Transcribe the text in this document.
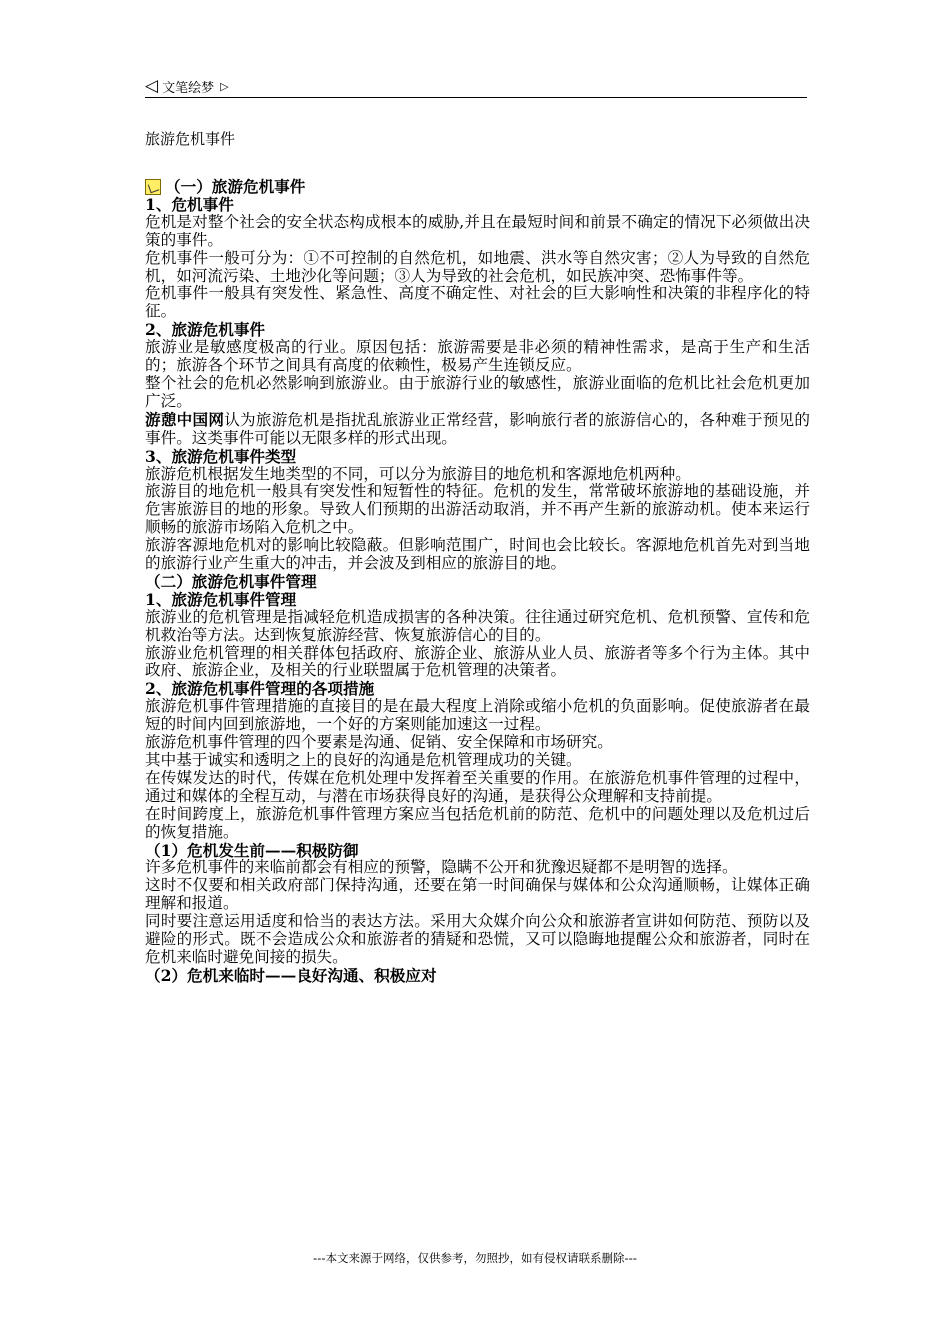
◁ 文笔绘梦 ▷
旅游危机事件

（一）旅游危机事件

1、危机事件

危机是对整个社会的安全状态构成根本的威胁,并且在最短时间和前景不确定的情况下必须做出决策的事件。

危机事件一般可分为：①不可控制的自然危机，如地震、洪水等自然灾害；②人为导致的自然危机，如河流污染、土地沙化等问题；③人为导致的社会危机，如民族冲突、恐怖事件等。

危机事件一般具有突发性、紧急性、高度不确定性、对社会的巨大影响性和决策的非程序化的特征。

2、旅游危机事件

旅游业是敏感度极高的行业。原因包括：旅游需要是非必须的精神性需求，是高于生产和生活的；旅游各个环节之间具有高度的依赖性，极易产生连锁反应。

整个社会的危机必然影响到旅游业。由于旅游行业的敏感性，旅游业面临的危机比社会危机更加广泛。

游憩中国网认为旅游危机是指扰乱旅游业正常经营，影响旅行者的旅游信心的，各种难于预见的事件。这类事件可能以无限多样的形式出现。

3、旅游危机事件类型

旅游危机根据发生地类型的不同，可以分为旅游目的地危机和客源地危机两种。

旅游目的地危机一般具有突发性和短暂性的特征。危机的发生，常常破坏旅游地的基础设施，并危害旅游目的地的形象。导致人们预期的出游活动取消，并不再产生新的旅游动机。使本来运行顺畅的旅游市场陷入危机之中。

旅游客源地危机对的影响比较隐蔽。但影响范围广，时间也会比较长。客源地危机首先对到当地的旅游行业产生重大的冲击，并会波及到相应的旅游目的地。

（二）旅游危机事件管理

1、旅游危机事件管理

旅游业的危机管理是指减轻危机造成损害的各种决策。往往通过研究危机、危机预警、宣传和危机救治等方法。达到恢复旅游经营、恢复旅游信心的目的。

旅游业危机管理的相关群体包括政府、旅游企业、旅游从业人员、旅游者等多个行为主体。其中政府、旅游企业，及相关的行业联盟属于危机管理的决策者。

2、旅游危机事件管理的各项措施

旅游危机事件管理措施的直接目的是在最大程度上消除或缩小危机的负面影响。促使旅游者在最短的时间内回到旅游地，一个好的方案则能加速这一过程。

旅游危机事件管理的四个要素是沟通、促销、安全保障和市场研究。

其中基于诚实和透明之上的良好的沟通是危机管理成功的关键。

在传媒发达的时代，传媒在危机处理中发挥着至关重要的作用。在旅游危机事件管理的过程中，通过和媒体的全程互动，与潜在市场获得良好的沟通，是获得公众理解和支持前提。

在时间跨度上，旅游危机事件管理方案应当包括危机前的防范、危机中的问题处理以及危机过后的恢复措施。

（1）危机发生前——积极防御

许多危机事件的来临前都会有相应的预警，隐瞒不公开和犹豫迟疑都不是明智的选择。

这时不仅要和相关政府部门保持沟通，还要在第一时间确保与媒体和公众沟通顺畅，让媒体正确理解和报道。

同时要注意运用适度和恰当的表达方法。采用大众媒介向公众和旅游者宣讲如何防范、预防以及避险的形式。既不会造成公众和旅游者的猜疑和恐慌，又可以隐晦地提醒公众和旅游者，同时在危机来临时避免间接的损失。

（2）危机来临时——良好沟通、积极应对

---本文来源于网络，仅供参考，勿照抄，如有侵权请联系删除---
